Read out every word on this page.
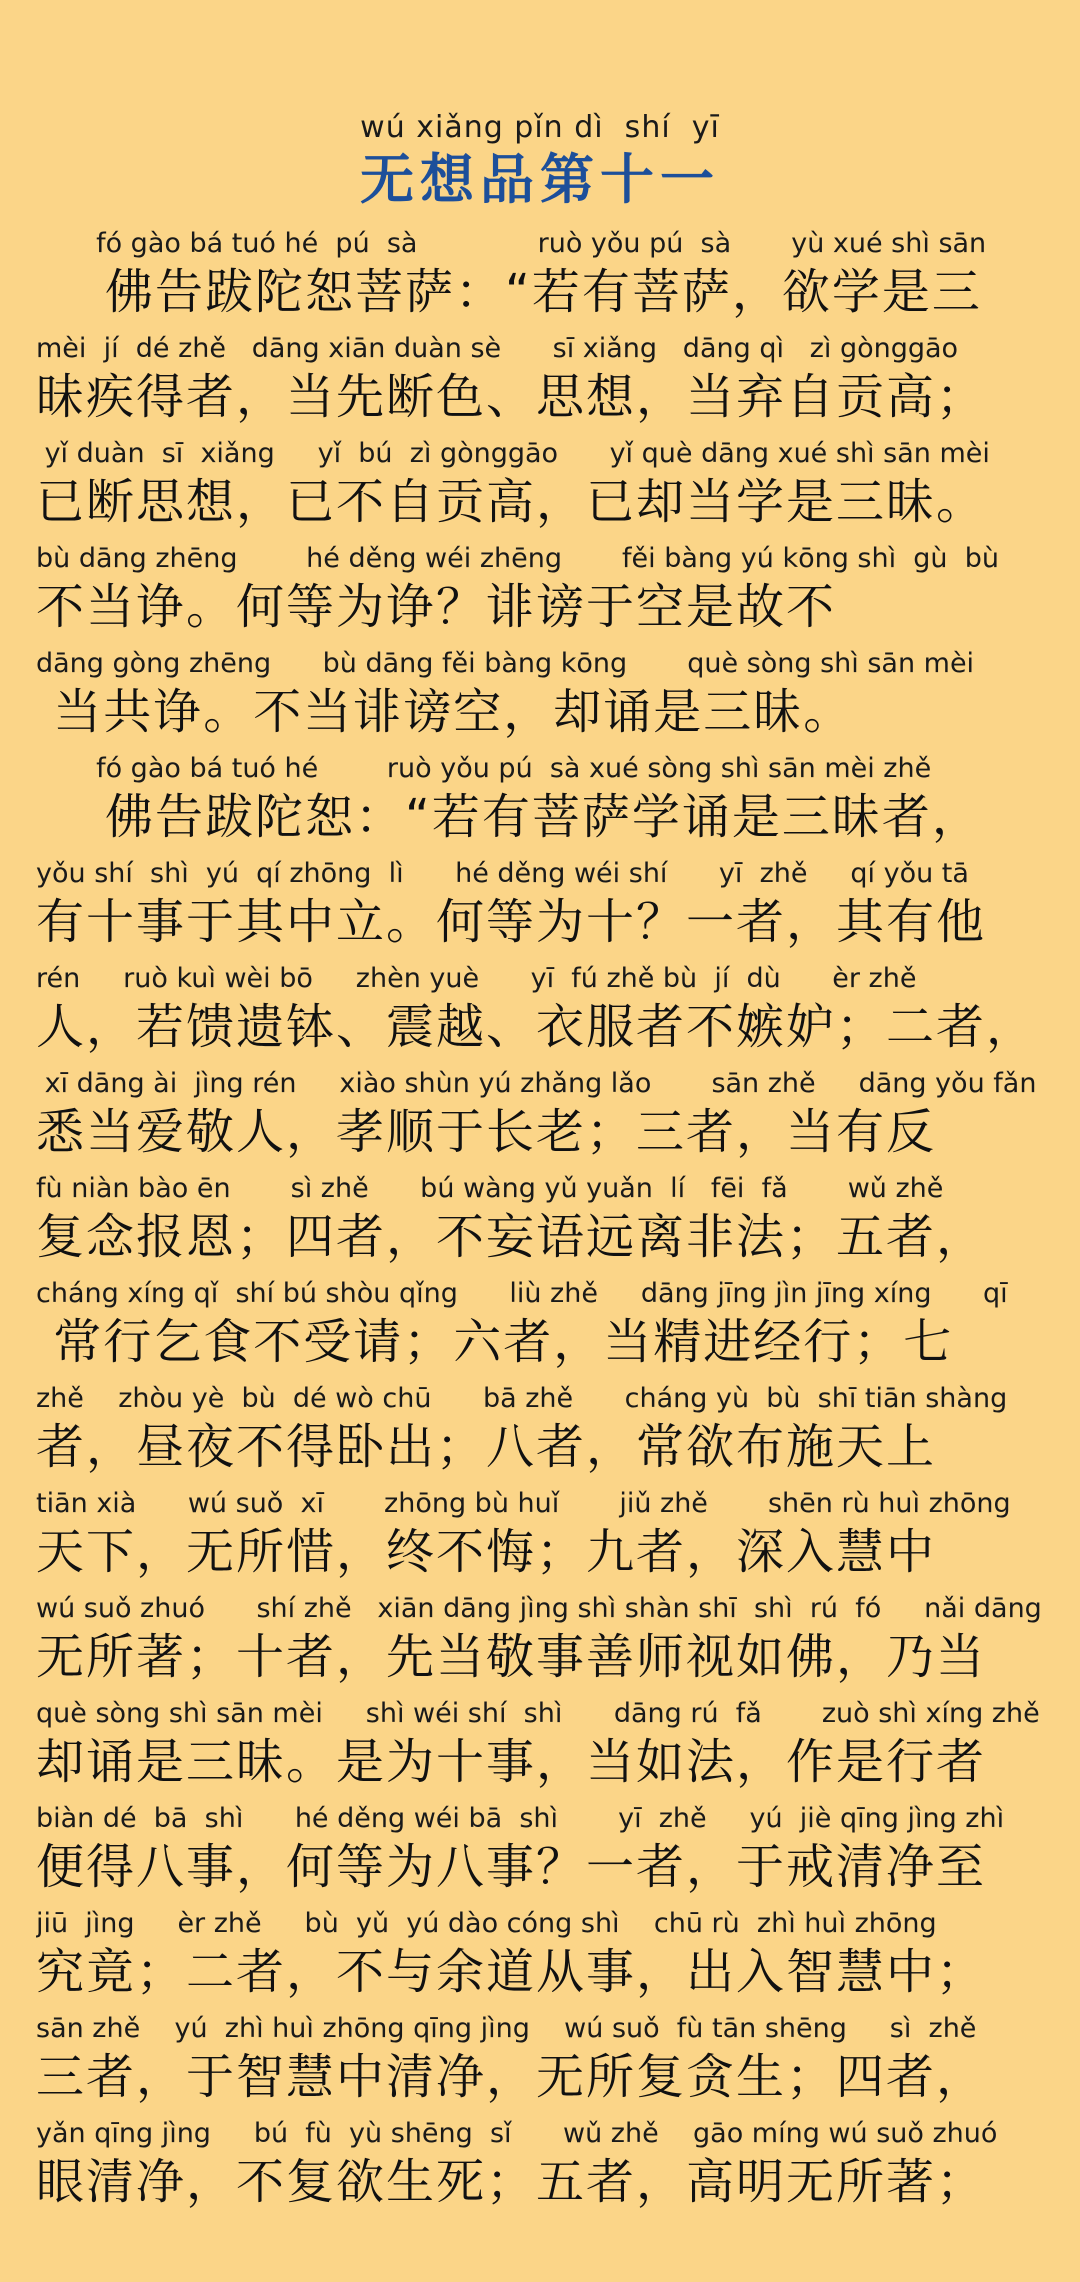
wú xiǎng pǐn dì  shí  yī
无想品第十一
fó gào bá tuó hé  pú  sà              ruò yǒu pú  sà       yù xué shì sān
佛告跋陀恕菩萨：“若有菩萨，欲学是三
mèi  jí  dé zhě   dāng xiān duàn sè      sī xiǎng   dāng qì   zì gònggāo
昧疾得者，当先断色、思想，当弃自贡高；
yǐ duàn  sī  xiǎng     yǐ  bú  zì gònggāo      yǐ què dāng xué shì sān mèi
已断思想，已不自贡高，已却当学是三昧。
bù dāng zhēng        hé děng wéi zhēng       fěi bàng yú kōng shì  gù  bù
不当诤。何等为诤？诽谤于空是故不
dāng gòng zhēng      bù dāng fěi bàng kōng       què sòng shì sān mèi
当共诤。不当诽谤空，却诵是三昧。
fó gào bá tuó hé        ruò yǒu pú  sà xué sòng shì sān mèi zhě
佛告跋陀恕：“若有菩萨学诵是三昧者，
yǒu shí  shì  yú  qí zhōng  lì      hé děng wéi shí      yī  zhě     qí yǒu tā
有十事于其中立。何等为十？一者，其有他
rén     ruò kuì wèi bō     zhèn yuè      yī  fú zhě bù  jí  dù      èr zhě
人，若馈遗钵、震越、衣服者不嫉妒；二者，
xī dāng ài  jìng rén     xiào shùn yú zhǎng lǎo       sān zhě     dāng yǒu fǎn
悉当爱敬人，孝顺于长老；三者，当有反
fù niàn bào ēn       sì zhě      bú wàng yǔ yuǎn  lí   fēi  fǎ       wǔ zhě
复念报恩；四者，不妄语远离非法；五者，
cháng xíng qǐ  shí bú shòu qǐng      liù zhě     dāng jīng jìn jīng xíng      qī
常行乞食不受请；六者，当精进经行；七
zhě    zhòu yè  bù  dé wò chū      bā zhě      cháng yù  bù  shī tiān shàng
者，昼夜不得卧出；八者，常欲布施天上
tiān xià      wú suǒ  xī       zhōng bù huǐ       jiǔ zhě       shēn rù huì zhōng
天下，无所惜，终不悔；九者，深入慧中
wú suǒ zhuó      shí zhě   xiān dāng jìng shì shàn shī  shì  rú  fó     nǎi dāng
无所著；十者，先当敬事善师视如佛，乃当
què sòng shì sān mèi     shì wéi shí  shì      dāng rú  fǎ       zuò shì xíng zhě
却诵是三昧。是为十事，当如法，作是行者
biàn dé  bā  shì      hé děng wéi bā  shì       yī  zhě     yú  jiè qīng jìng zhì
便得八事，何等为八事？一者，于戒清净至
jiū  jìng     èr zhě     bù  yǔ  yú dào cóng shì    chū rù  zhì huì zhōng
究竟；二者，不与余道从事，出入智慧中；
sān zhě    yú  zhì huì zhōng qīng jìng    wú suǒ  fù tān shēng     sì  zhě
三者，于智慧中清净，无所复贪生；四者，
yǎn qīng jìng     bú  fù  yù shēng  sǐ      wǔ zhě    gāo míng wú suǒ zhuó
眼清净，不复欲生死；五者，高明无所著；
